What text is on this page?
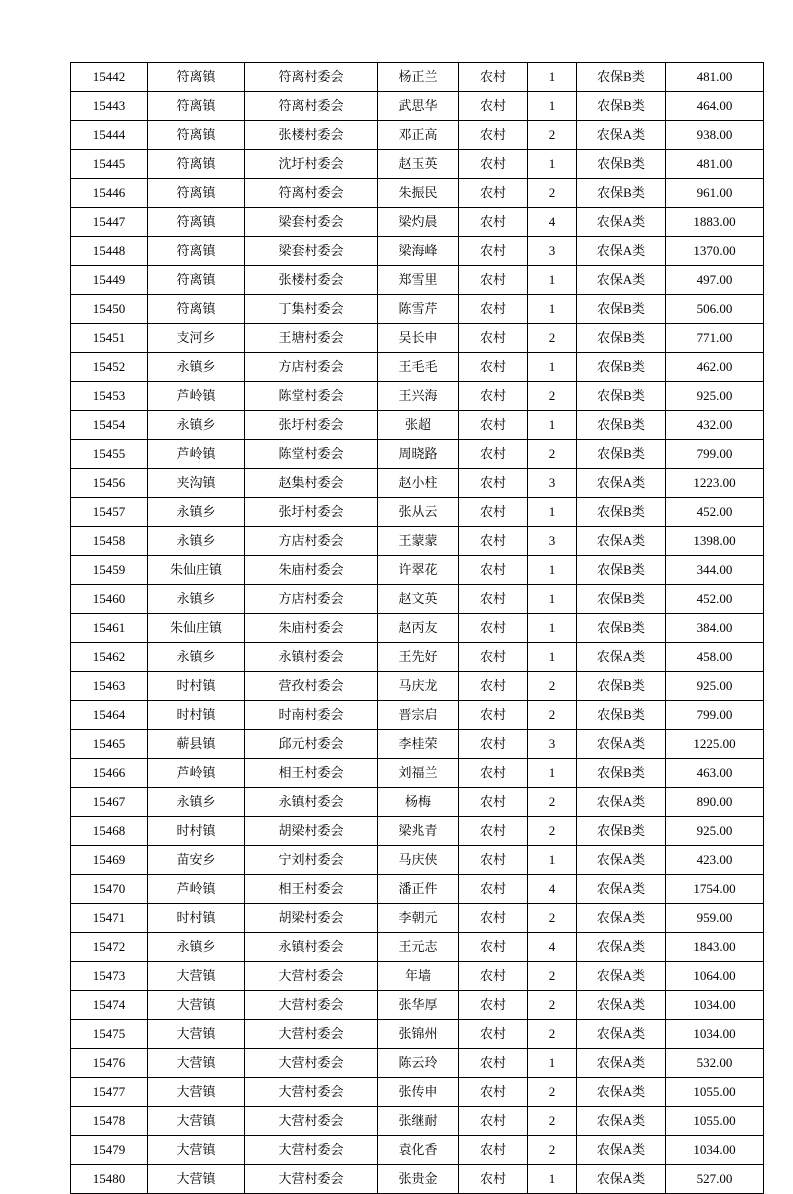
15442	符离镇	符离村委会	杨正兰	农村	1	农保B类	481.00
15443	符离镇	符离村委会	武思华	农村	1	农保B类	464.00
15444	符离镇	张楼村委会	邓正高	农村	2	农保A类	938.00
15445	符离镇	沈圩村委会	赵玉英	农村	1	农保B类	481.00
15446	符离镇	符离村委会	朱振民	农村	2	农保B类	961.00
15447	符离镇	梁套村委会	梁灼晨	农村	4	农保A类	1883.00
15448	符离镇	梁套村委会	梁海峰	农村	3	农保A类	1370.00
15449	符离镇	张楼村委会	郑雪里	农村	1	农保A类	497.00
15450	符离镇	丁集村委会	陈雪芹	农村	1	农保B类	506.00
15451	支河乡	王塘村委会	吴长申	农村	2	农保B类	771.00
15452	永镇乡	方店村委会	王毛毛	农村	1	农保B类	462.00
15453	芦岭镇	陈堂村委会	王兴海	农村	2	农保B类	925.00
15454	永镇乡	张圩村委会	张超	农村	1	农保B类	432.00
15455	芦岭镇	陈堂村委会	周晓路	农村	2	农保B类	799.00
15456	夹沟镇	赵集村委会	赵小柱	农村	3	农保A类	1223.00
15457	永镇乡	张圩村委会	张从云	农村	1	农保B类	452.00
15458	永镇乡	方店村委会	王蒙蒙	农村	3	农保A类	1398.00
15459	朱仙庄镇	朱庙村委会	许翠花	农村	1	农保B类	344.00
15460	永镇乡	方店村委会	赵文英	农村	1	农保B类	452.00
15461	朱仙庄镇	朱庙村委会	赵丙友	农村	1	农保B类	384.00
15462	永镇乡	永镇村委会	王先好	农村	1	农保A类	458.00
15463	时村镇	营孜村委会	马庆龙	农村	2	农保B类	925.00
15464	时村镇	时南村委会	晋宗启	农村	2	农保B类	799.00
15465	蕲县镇	邱元村委会	李桂荣	农村	3	农保A类	1225.00
15466	芦岭镇	相王村委会	刘福兰	农村	1	农保B类	463.00
15467	永镇乡	永镇村委会	杨梅	农村	2	农保A类	890.00
15468	时村镇	胡梁村委会	梁兆青	农村	2	农保B类	925.00
15469	苗安乡	宁刘村委会	马庆侠	农村	1	农保A类	423.00
15470	芦岭镇	相王村委会	潘正件	农村	4	农保A类	1754.00
15471	时村镇	胡梁村委会	李朝元	农村	2	农保A类	959.00
15472	永镇乡	永镇村委会	王元志	农村	4	农保A类	1843.00
15473	大营镇	大营村委会	年墙	农村	2	农保A类	1064.00
15474	大营镇	大营村委会	张华厚	农村	2	农保A类	1034.00
15475	大营镇	大营村委会	张锦州	农村	2	农保A类	1034.00
15476	大营镇	大营村委会	陈云玲	农村	1	农保A类	532.00
15477	大营镇	大营村委会	张传申	农村	2	农保A类	1055.00
15478	大营镇	大营村委会	张继耐	农村	2	农保A类	1055.00
15479	大营镇	大营村委会	袁化香	农村	2	农保A类	1034.00
15480	大营镇	大营村委会	张贵金	农村	1	农保A类	527.00
